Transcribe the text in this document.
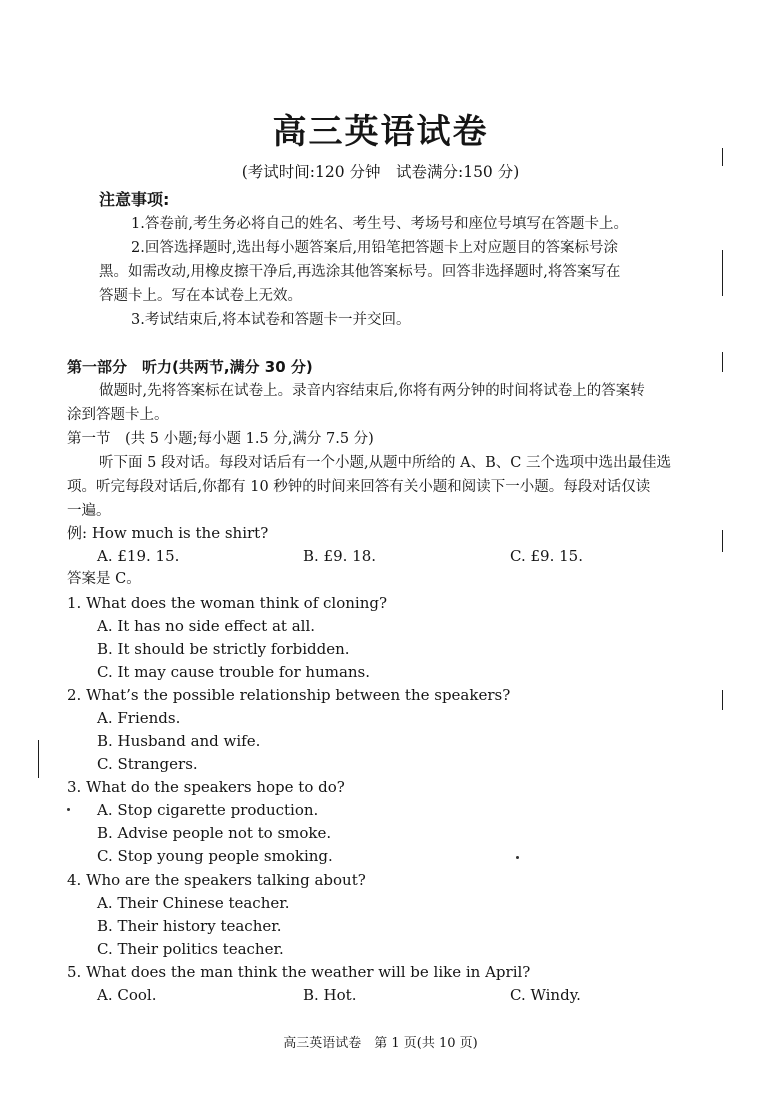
高三英语试卷
(考试时间:120 分钟　试卷满分:150 分)
注意事项:
1.答卷前,考生务必将自己的姓名、考生号、考场号和座位号填写在答题卡上。
2.回答选择题时,选出每小题答案后,用铅笔把答题卡上对应题目的答案标号涂
黑。如需改动,用橡皮擦干净后,再选涂其他答案标号。回答非选择题时,将答案写在
答题卡上。写在本试卷上无效。
3.考试结束后,将本试卷和答题卡一并交回。
第一部分　听力(共两节,满分 30 分)
做题时,先将答案标在试卷上。录音内容结束后,你将有两分钟的时间将试卷上的答案转
涂到答题卡上。
第一节　(共 5 小题;每小题 1.5 分,满分 7.5 分)
听下面 5 段对话。每段对话后有一个小题,从题中所给的 A、B、C 三个选项中选出最佳选
项。听完每段对话后,你都有 10 秒钟的时间来回答有关小题和阅读下一小题。每段对话仅读
一遍。
例: How much is the shirt?
A. £19. 15.	B. £9. 18.	C. £9. 15.
答案是 C。
1. What does the woman think of cloning?
A. It has no side effect at all.
B. It should be strictly forbidden.
C. It may cause trouble for humans.
2. What’s the possible relationship between the speakers?
A. Friends.
B. Husband and wife.
C. Strangers.
3. What do the speakers hope to do?
A. Stop cigarette production.
B. Advise people not to smoke.
C. Stop young people smoking.
4. Who are the speakers talking about?
A. Their Chinese teacher.
B. Their history teacher.
C. Their politics teacher.
5. What does the man think the weather will be like in April?
A. Cool.	B. Hot.	C. Windy.
高三英语试卷　第 1 页(共 10 页)
